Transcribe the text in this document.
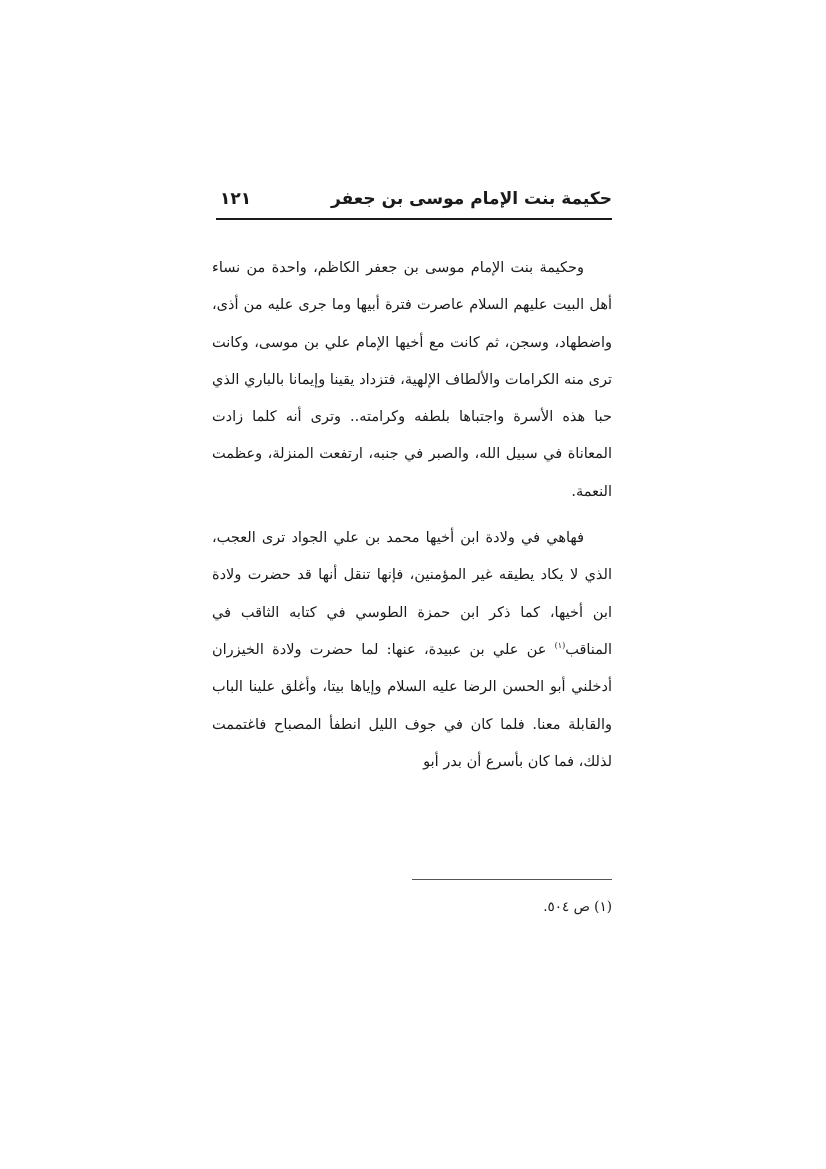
حكيمة بنت الإمام موسى بن جعفر
١٢١

وحكيمة بنت الإمام موسى بن جعفر الكاظم، واحدة من نساء أهل البيت عليهم السلام عاصرت فترة أبيها وما جرى عليه من أذى، واضطهاد، وسجن، ثم كانت مع أخيها الإمام علي بن موسى، وكانت ترى منه الكرامات والألطاف الإلهية، فتزداد يقينا وإيمانا بالباري الذي حبا هذه الأسرة واجتباها بلطفه وكرامته.. وترى أنه كلما زادت المعاناة في سبيل الله، والصبر في جنبه، ارتفعت المنزلة، وعظمت النعمة.

فهاهي في ولادة ابن أخيها محمد بن علي الجواد ترى العجب، الذي لا يكاد يطيقه غير المؤمنين، فإنها تنقل أنها قد حضرت ولادة ابن أخيها، كما ذكر ابن حمزة الطوسي في كتابه الثاقب في المناقب$^{(١)}$ عن علي بن عبيدة، عنها: لما حضرت ولادة الخيزران أدخلني أبو الحسن الرضا عليه السلام وإياها بيتا، وأغلق علينا الباب والقابلة معنا. فلما كان في جوف الليل انطفأ المصباح فاغتممت لذلك، فما كان بأسرع أن بدر أبو

(١) ص ٥٠٤.
